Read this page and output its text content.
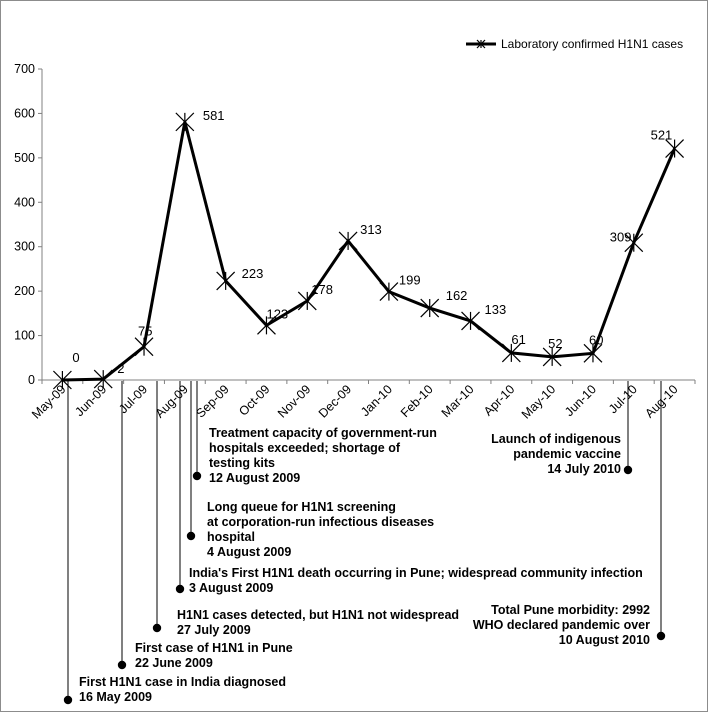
0
100
200
300
400
500
600
700
May-09 Jun-09 Jul-09 Aug-09 Sep-09 Oct-09 Nov-09 Dec-09 Jan-10 Feb-10 Mar-10 Apr-10 May-10 Jun-10 Jul-10 Aug-10
0
2
75
581
223
123
178
313
199
162
133
61 52 60
309
521
Laboratory confirmed H1N1 cases
First H1N1 case in India diagnosed
16 May 2009
First case of H1N1 in Pune
22 June 2009
H1N1 cases detected, but H1N1 not widespread
27 July 2009
India's First H1N1 death occurring in Pune; widespread community infection
3 August 2009
Long queue for H1N1 screening
at corporation-run infectious diseases
hospital
4 August 2009
Treatment capacity of government-run
hospitals exceeded; shortage of
testing kits
12 August 2009
Launch of indigenous
pandemic vaccine
14 July 2010
Total Pune morbidity: 2992
WHO declared pandemic over
10 August 2010
